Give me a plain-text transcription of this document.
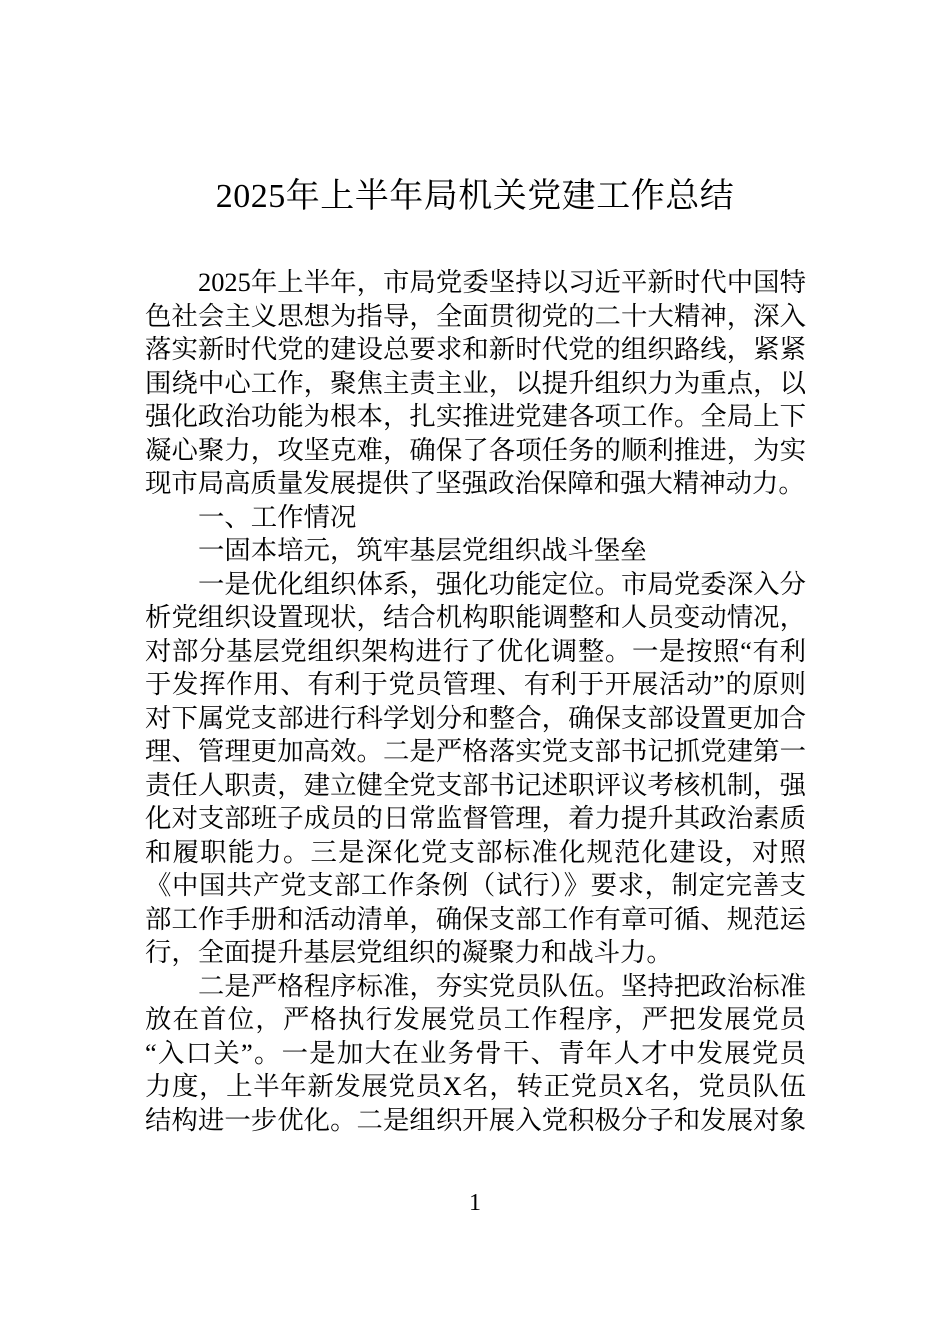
2025年上半年局机关党建工作总结
2025年上半年，市局党委坚持以习近平新时代中国特
色社会主义思想为指导，全面贯彻党的二十大精神，深入
落实新时代党的建设总要求和新时代党的组织路线，紧紧
围绕中心工作，聚焦主责主业，以提升组织力为重点，以
强化政治功能为根本，扎实推进党建各项工作。全局上下
凝心聚力，攻坚克难，确保了各项任务的顺利推进，为实
现市局高质量发展提供了坚强政治保障和强大精神动力。
一、工作情况
一固本培元，筑牢基层党组织战斗堡垒
一是优化组织体系，强化功能定位。市局党委深入分
析党组织设置现状，结合机构职能调整和人员变动情况，
对部分基层党组织架构进行了优化调整。一是按照“有利
于发挥作用、有利于党员管理、有利于开展活动”的原则
对下属党支部进行科学划分和整合，确保支部设置更加合
理、管理更加高效。二是严格落实党支部书记抓党建第一
责任人职责，建立健全党支部书记述职评议考核机制，强
化对支部班子成员的日常监督管理，着力提升其政治素质
和履职能力。三是深化党支部标准化规范化建设，对照
《中国共产党支部工作条例（试行）》要求，制定完善支
部工作手册和活动清单，确保支部工作有章可循、规范运
行，全面提升基层党组织的凝聚力和战斗力。
二是严格程序标准，夯实党员队伍。坚持把政治标准
放在首位，严格执行发展党员工作程序，严把发展党员
“入口关”。一是加大在业务骨干、青年人才中发展党员
力度，上半年新发展党员X名，转正党员X名，党员队伍
结构进一步优化。二是组织开展入党积极分子和发展对象
1
